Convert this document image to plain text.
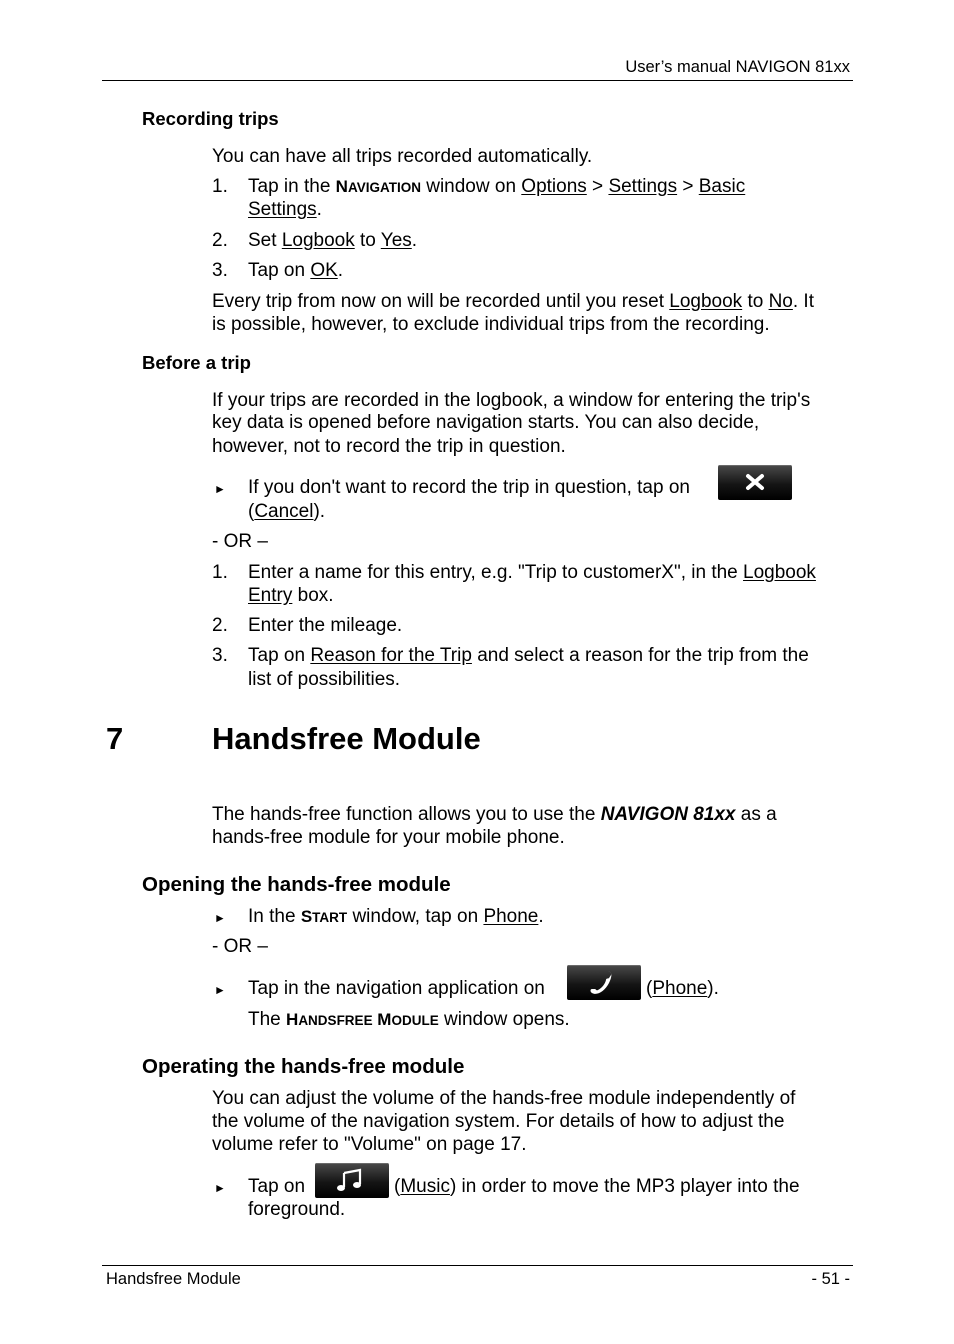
User’s manual NAVIGON 81xx
Recording trips
You can have all trips recorded automatically.
1. Tap in the NAVIGATION window on Options > Settings > Basic
Settings.
2. Set Logbook to Yes.
3. Tap on OK.
Every trip from now on will be recorded until you reset Logbook to No. It
is possible, however, to exclude individual trips from the recording.
Before a trip
If your trips are recorded in the logbook, a window for entering the trip's
key data is opened before navigation starts. You can also decide,
however, not to record the trip in question.
► If you don't want to record the trip in question, tap on
(Cancel).
- OR –
1. Enter a name for this entry, e.g. "Trip to customerX", in the Logbook
Entry box.
2. Enter the mileage.
3. Tap on Reason for the Trip and select a reason for the trip from the
list of possibilities.
7	Handsfree Module
The hands-free function allows you to use the NAVIGON 81xx as a
hands-free module for your mobile phone.
Opening the hands-free module
► In the START window, tap on Phone.
- OR –
► Tap in the navigation application on	(Phone).
The HANDSFREE MODULE window opens.
Operating the hands-free module
You can adjust the volume of the hands-free module independently of
the volume of the navigation system. For details of how to adjust the
volume refer to "Volume" on page 17.
► Tap on	(Music) in order to move the MP3 player into the
foreground.
Handsfree Module	- 51 -
